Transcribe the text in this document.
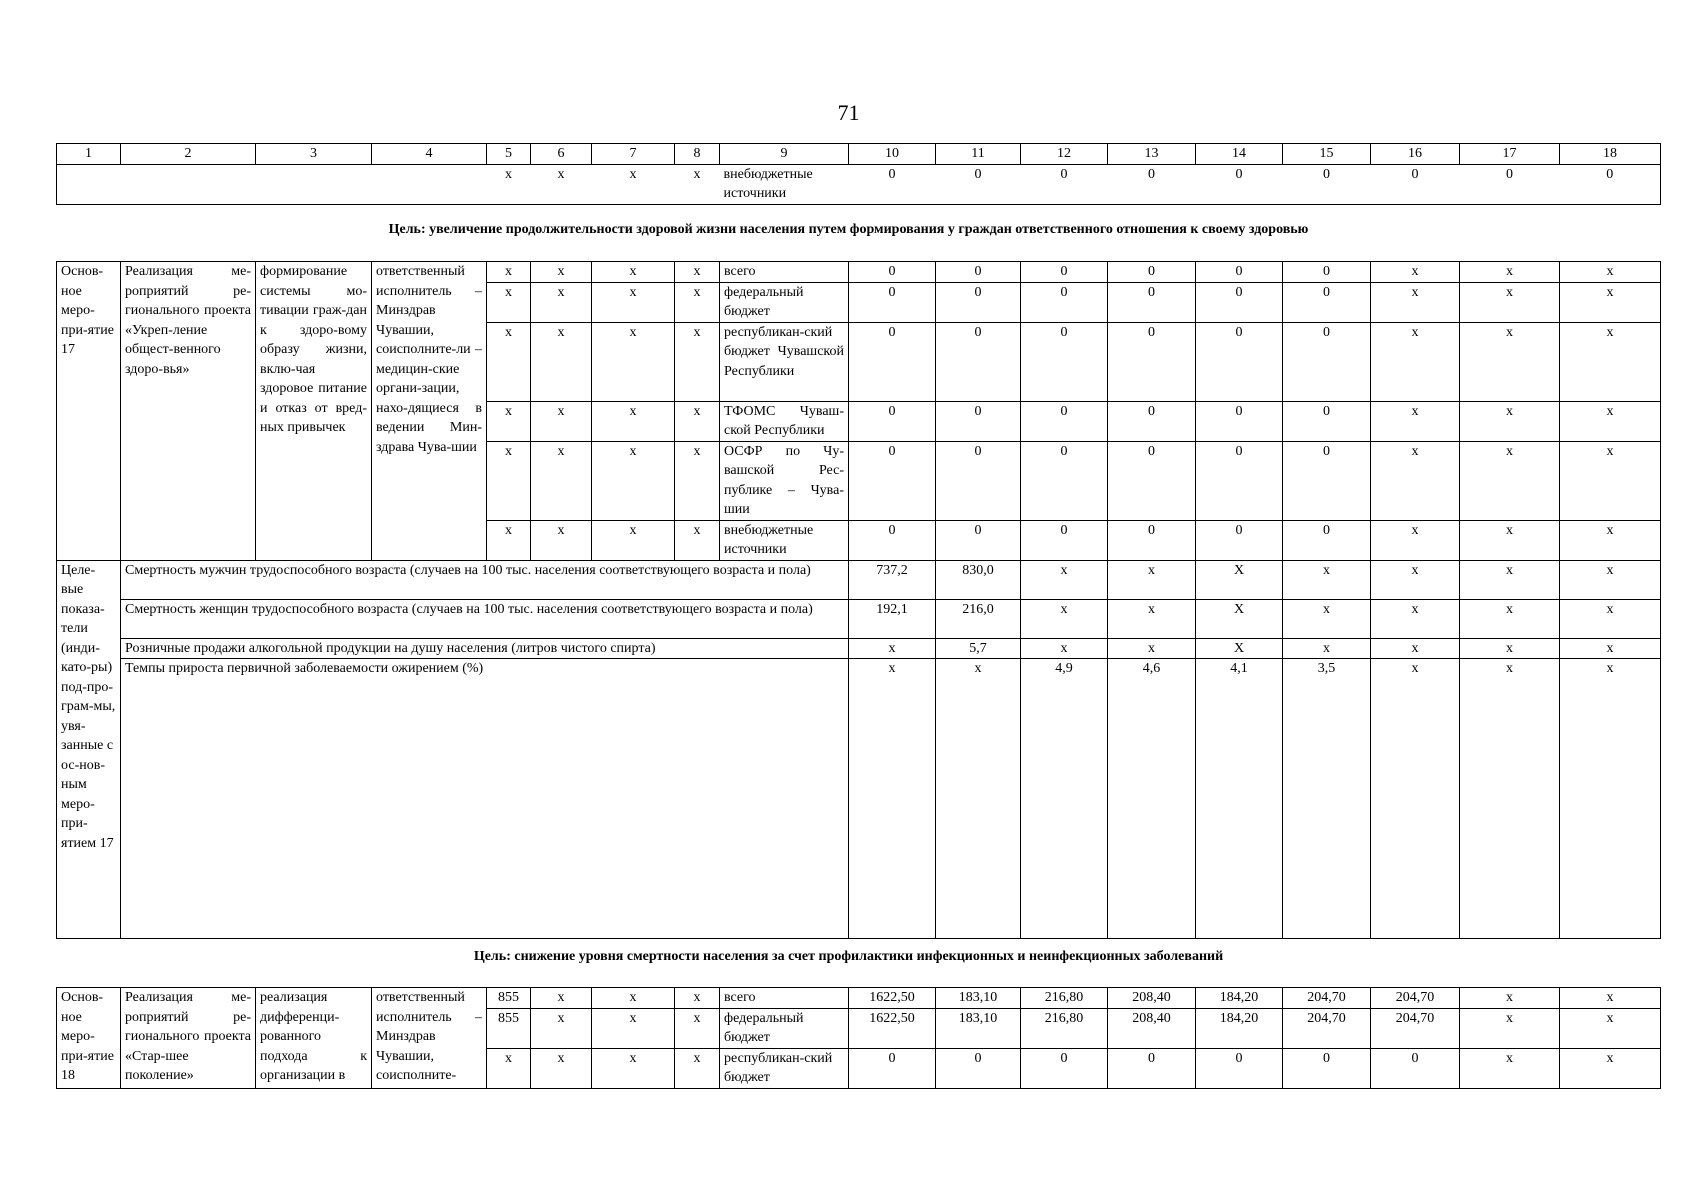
71
1	2	3	4	5	6	7	8	9	10	11	12	13	14	15	16	17	18
				x	x	x	x	внебюджетные источники	0	0	0	0	0	0	0	0	0
Цель: увеличение продолжительности здоровой жизни населения путем формирования у граждан ответственного отношения к своему здоровью
Основ-ное меро-при-ятие 17	Реализация ме-роприятий ре-гионального проекта «Укреп-ление общест-венного здоро-вья»	формирование системы мо-тивации граж-дан к здоро-вому образу жизни, вклю-чая здоровое питание и отказ от вред-ных привычек	ответственный исполнитель – Минздрав Чувашии, соисполните-ли – медицин-ские органи-зации, нахо-дящиеся в ведении Мин-здрава Чува-шии	x	x	x	x	всего	0	0	0	0	0	0	x	x	x
				x	x	x	x	федеральный бюджет	0	0	0	0	0	0	x	x	x
				x	x	x	x	республикан-ский бюджет Чувашской Республики	0	0	0	0	0	0	x	x	x
				x	x	x	x	ТФОМС Чуваш-ской Республики	0	0	0	0	0	0	x	x	x
				x	x	x	x	ОСФР по Чу-вашской Рес-публике – Чува-шии	0	0	0	0	0	0	x	x	x
				x	x	x	x	внебюджетные источники	0	0	0	0	0	0	x	x	x
Целе-вые показа-тели (инди-като-ры) под-про-грам-мы, увя-занные с ос-нов-ным меро-при-ятием 17	Смертность мужчин трудоспособного возраста (случаев на 100 тыс. населения соответствующего возраста и пола)								737,2	830,0	x	x	X	x	x	x	x
	Смертность женщин трудоспособного возраста (случаев на 100 тыс. населения соответствующего возраста и пола)								192,1	216,0	x	x	X	x	x	x	x
	Розничные продажи алкогольной продукции на душу населения (литров чистого спирта)								x	5,7	x	x	X	x	x	x	x
	Темпы прироста первичной заболеваемости ожирением (%)								x	x	4,9	4,6	4,1	3,5	x	x	x
Цель: снижение уровня смертности населения за счет профилактики инфекционных и неинфекционных заболеваний
Основ-ное меро-при-ятие 18	Реализация ме-роприятий ре-гионального проекта «Стар-шее поколение»	реализация дифференци-рованного подхода к организации в	ответственный исполнитель – Минздрав Чувашии, соисполните-	855	x	x	x	всего	1622,50	183,10	216,80	208,40	184,20	204,70	204,70	x	x
				855	x	x	x	федеральный бюджет	1622,50	183,10	216,80	208,40	184,20	204,70	204,70	x	x
				x	x	x	x	республикан-ский бюджет	0	0	0	0	0	0	0	x	x
